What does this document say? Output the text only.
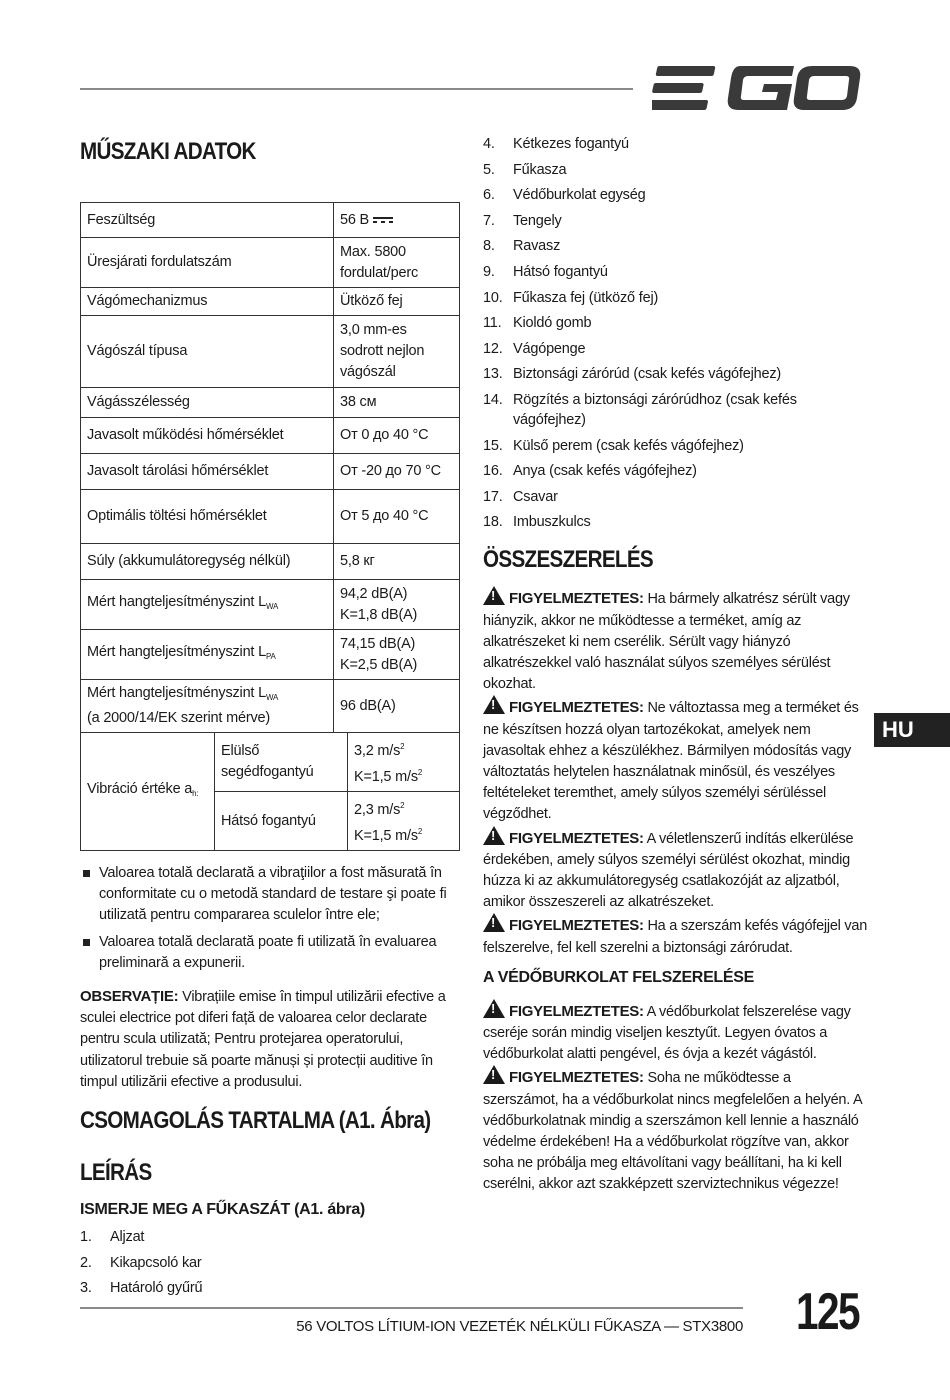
HU
MŰSZAKI ADATOK
Feszültség	56 В
Üresjárati fordulatszám	Max. 5800 fordulat/perc
Vágómechanizmus	Ütköző fej
Vágószál típusa	3,0 mm-es sodrott nejlon vágószál
Vágásszélesség	38 см
Javasolt működési hőmérséklet	От 0 до 40 °C
Javasolt tárolási hőmérséklet	От -20 до 70 °C
Optimális töltési hőmérséklet	От 5 до 40 °C
Súly (akkumulátoregység nélkül)	5,8 кг
Mért hangteljesítményszint $L_{WA}$	94,2 dB(A)
K=1,8 dB(A)
Mért hangteljesítményszint $L_{PA}$	74,15 dB(A)
K=2,5 dB(A)
Mért hangteljesítményszint $L_{WA}$
(a 2000/14/EK szerint mérve)	96 dB(A)
Vibráció értéke $a_{h:}$	Elülső segédfogantyú	3,2 $m/s^2$
K=1,5 $m/s^2$
	Hátsó fogantyú	2,3 $m/s^2$
K=1,5 $m/s^2$
Valoarea totală declarată a vibraţiilor a fost măsurată în conformitate cu o metodă standard de testare şi poate fi utilizată pentru compararea sculelor între ele;
Valoarea totală declarată poate fi utilizată în evaluarea preliminară a expunerii.

OBSERVAȚIE: Vibrațiile emise în timpul utilizării efective a sculei electrice pot diferi față de valoarea celor declarate pentru scula utilizată; Pentru protejarea operatorului, utilizatorul trebuie să poarte mănuși și protecții auditive în timpul utilizării efective a produsului.

CSOMAGOLÁS TARTALMA (A1. Ábra)
LEÍRÁS
ISMERJE MEG A FŰKASZÁT (A1. ábra)
1.	Aljzat
2.	Kikapcsoló kar
3.	Határoló gyűrű
4.	Kétkezes fogantyú
5.	Fűkasza
6.	Védőburkolat egység
7.	Tengely
8.	Ravasz
9.	Hátsó fogantyú
10. Fűkasza fej (ütköző fej)
11. Kioldó gomb
12. Vágópenge
13. Biztonsági zárórúd (csak kefés vágófejhez)
14. Rögzítés a biztonsági zárórúdhoz (csak kefés vágófejhez)
15. Külső perem (csak kefés vágófejhez)
16. Anya (csak kefés vágófejhez)
17. Csavar
18. Imbuszkulcs
ÖSSZESZERELÉS

!FIGYELMEZTETES: Ha bármely alkatrész sérült vagy hiányzik, akkor ne működtesse a terméket, amíg az alkatrészeket ki nem cserélik. Sérült vagy hiányzó alkatrészekkel való használat súlyos személyes sérülést okozhat.

!FIGYELMEZTETES: Ne változtassa meg a terméket és ne készítsen hozzá olyan tartozékokat, amelyek nem javasoltak ehhez a készülékhez. Bármilyen módosítás vagy változtatás helytelen használatnak minősül, és veszélyes feltételeket teremthet, amely súlyos személyi sérüléssel végződhet.

!FIGYELMEZTETES: A véletlenszerű indítás elkerülése érdekében, amely súlyos személyi sérülést okozhat, mindig húzza ki az akkumulátoregység csatlakozóját az aljzatból, amikor összeszereli az alkatrészeket.

!FIGYELMEZTETES: Ha a szerszám kefés vágófejjel van felszerelve, fel kell szerelni a biztonsági zárórudat.

A VÉDŐBURKOLAT FELSZERELÉSE

!FIGYELMEZTETES: A védőburkolat felszerelése vagy cseréje során mindig viseljen kesztyűt. Legyen óvatos a védőburkolat alatti pengével, és óvja a kezét vágástól.

!FIGYELMEZTETES: Soha ne működtesse a szerszámot, ha a védőburkolat nincs megfelelően a helyén. A védőburkolatnak mindig a szerszámon kell lennie a használó védelme érdekében! Ha a védőburkolat rögzítve van, akkor soha ne próbálja meg eltávolítani vagy beállítani, ha ki kell cserélni, akkor azt szakképzett szerviztechnikus végezze!

56 VOLTOS LÍTIUM-ION VEZETÉK NÉLKÜLI FŰKASZA — STX3800 125
